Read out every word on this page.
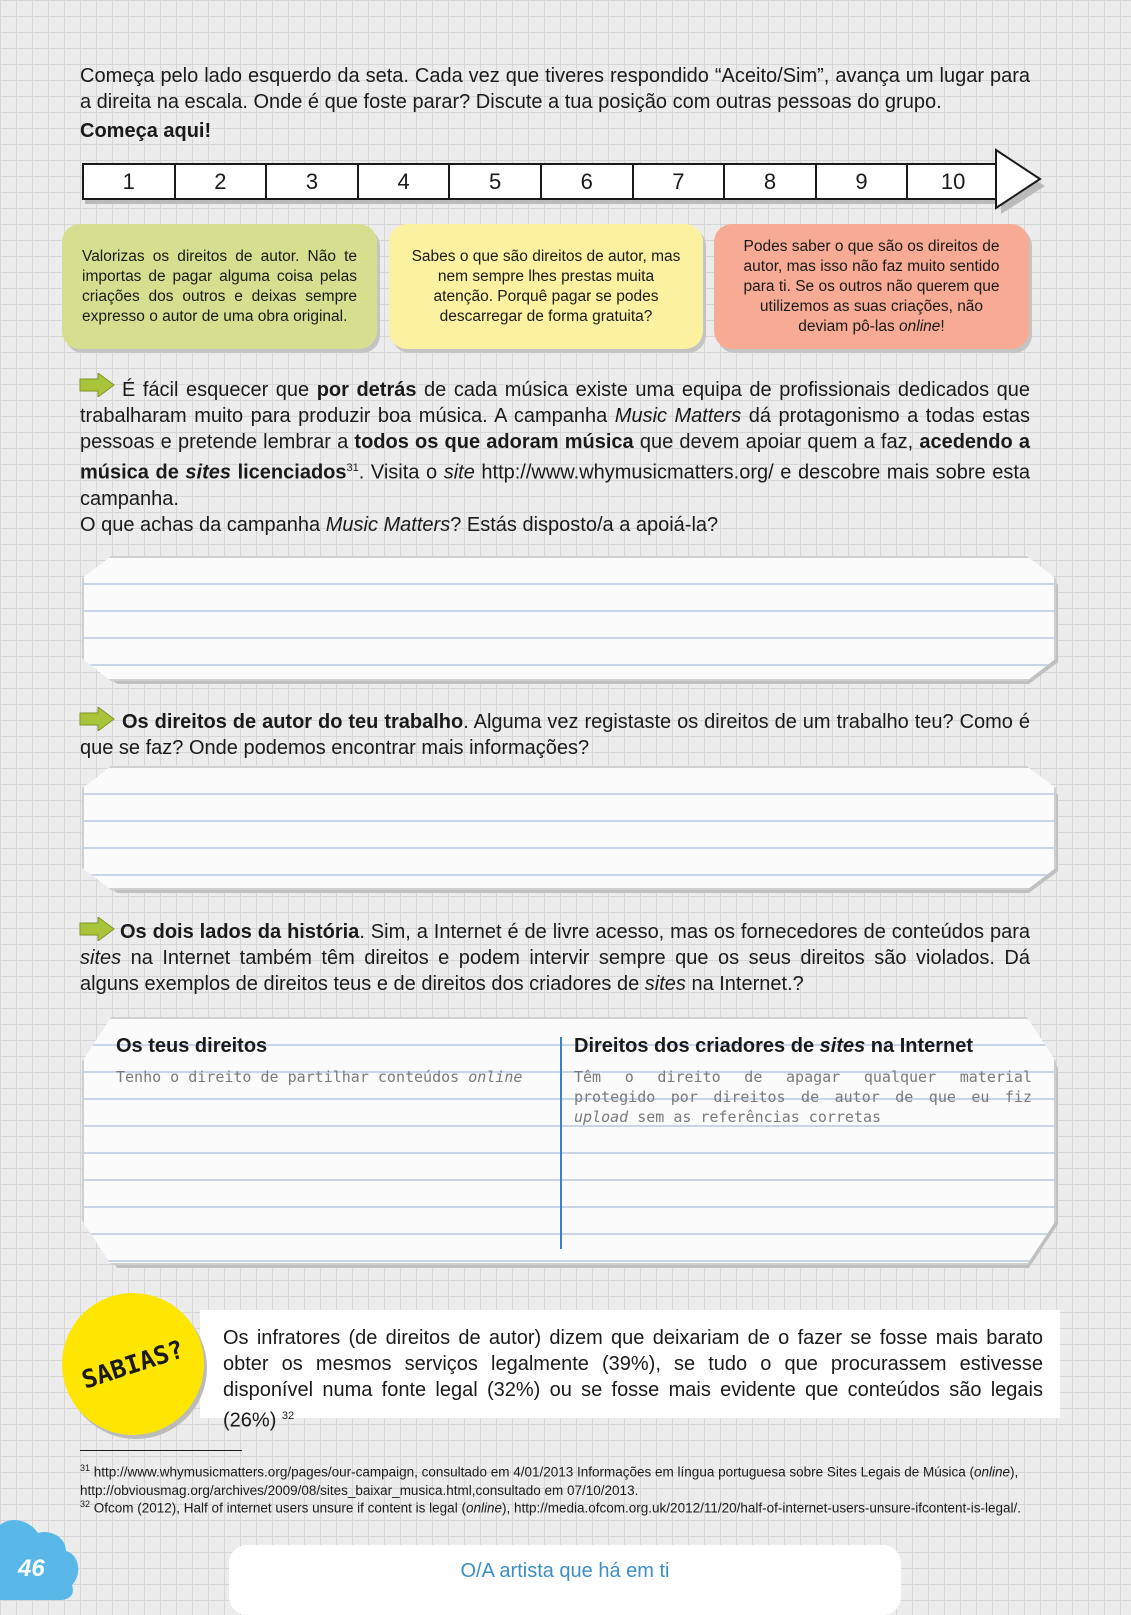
Começa pelo lado esquerdo da seta. Cada vez que tiveres respondido “Aceito/Sim”, avança um lugar para a direita na escala. Onde é que foste parar? Discute a tua posição com outras pessoas do grupo.
Começa aqui!
1	2	3	4	5	6	7	8	9	10
Valorizas os direitos de autor. Não te importas de pagar alguma coisa pelas criações dos outros e deixas sempre expresso o autor de uma obra original.
Sabes o que são direitos de autor, mas nem sempre lhes prestas muita atenção. Porquê pagar se podes descarregar de forma gratuita?
Podes saber o que são os direitos de autor, mas isso não faz muito sentido para ti. Se os outros não querem que utilizemos as suas criações, não deviam pô-las online!
É fácil esquecer que por detrás de cada música existe uma equipa de profissionais dedicados que trabalharam muito para produzir boa música. A campanha Music Matters dá protagonismo a todas estas pessoas e pretende lembrar a todos os que adoram música que devem apoiar quem a faz, acedendo a música de sites licenciados$^{31}$. Visita o site http://www.whymusicmatters.org/ e descobre mais sobre esta campanha.
O que achas da campanha Music Matters? Estás disposto/a a apoiá-la?
Os direitos de autor do teu trabalho. Alguma vez registaste os direitos de um trabalho teu? Como é que se faz? Onde podemos encontrar mais informações?
Os dois lados da história. Sim, a Internet é de livre acesso, mas os fornecedores de conteúdos para sites na Internet também têm direitos e podem intervir sempre que os seus direitos são violados. Dá alguns exemplos de direitos teus e de direitos dos criadores de sites na Internet.?
Os teus direitos	Direitos dos criadores de sites na Internet
Tenho o direito de partilhar conteúdos online	Têm o direito de apagar qualquer material protegido por direitos de autor de que eu fiz upload sem as referências corretas
SABIAS? Os infratores (de direitos de autor) dizem que deixariam de o fazer se fosse mais barato obter os mesmos serviços legalmente (39%), se tudo o que procurassem estivesse disponível numa fonte legal (32%) ou se fosse mais evidente que conteúdos são legais (26%) $^{32}$
$^{31}$ http://www.whymusicmatters.org/pages/our-campaign, consultado em 4/01/2013 Informações em língua portuguesa sobre Sites Legais de Música (online), http://obviousmag.org/archives/2009/08/sites_baixar_musica.html,consultado em 07/10/2013.
$^{32}$ Ofcom (2012), Half of internet users unsure if content is legal (online), http://media.ofcom.org.uk/2012/11/20/half-of-internet-users-unsure-ifcontent-is-legal/.
46	O/A artista que há em ti
